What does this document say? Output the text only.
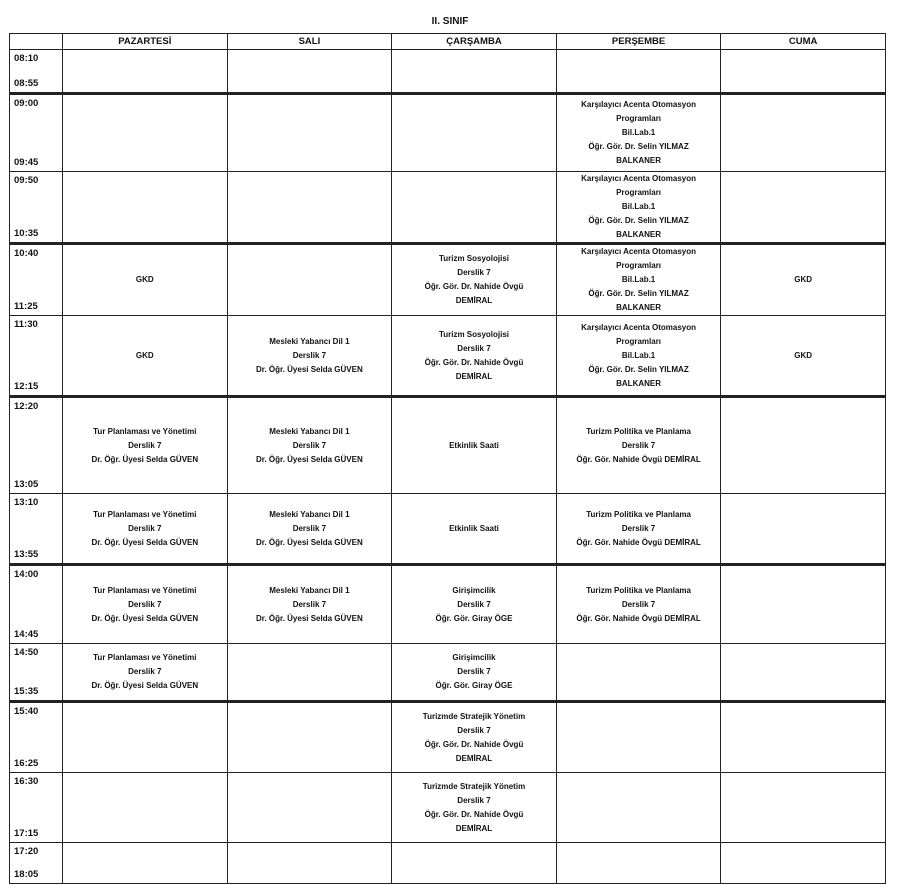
II. SINIF
	PAZARTESİ	SALI	ÇARŞAMBA	PERŞEMBE	CUMA

08:10
08:55					

09:00
09:45				Karşılayıcı Acenta Otomasyon
Programları
Bil.Lab.1
Öğr. Gör. Dr. Selin YILMAZ
BALKANER	

09:50
10:35				Karşılayıcı Acenta Otomasyon
Programları
Bil.Lab.1
Öğr. Gör. Dr. Selin YILMAZ
BALKANER	

10:40
11:25	GKD		Turizm Sosyolojisi
Derslik 7
Öğr. Gör. Dr. Nahide Övgü
DEMİRAL	Karşılayıcı Acenta Otomasyon
Programları
Bil.Lab.1
Öğr. Gör. Dr. Selin YILMAZ
BALKANER	GKD

11:30
12:15	GKD	Mesleki Yabancı Dil 1
Derslik 7
Dr. Öğr. Üyesi Selda GÜVEN	Turizm Sosyolojisi
Derslik 7
Öğr. Gör. Dr. Nahide Övgü
DEMİRAL	Karşılayıcı Acenta Otomasyon
Programları
Bil.Lab.1
Öğr. Gör. Dr. Selin YILMAZ
BALKANER	GKD

12:20
13:05	Tur Planlaması ve Yönetimi
Derslik 7
Dr. Öğr. Üyesi Selda GÜVEN	Mesleki Yabancı Dil 1
Derslik 7
Dr. Öğr. Üyesi Selda GÜVEN	Etkinlik Saati	Turizm Politika ve Planlama
Derslik 7
Öğr. Gör. Nahide Övgü DEMİRAL	

13:10
13:55	Tur Planlaması ve Yönetimi
Derslik 7
Dr. Öğr. Üyesi Selda GÜVEN	Mesleki Yabancı Dil 1
Derslik 7
Dr. Öğr. Üyesi Selda GÜVEN	Etkinlik Saati	Turizm Politika ve Planlama
Derslik 7
Öğr. Gör. Nahide Övgü DEMİRAL	

14:00
14:45	Tur Planlaması ve Yönetimi
Derslik 7
Dr. Öğr. Üyesi Selda GÜVEN	Mesleki Yabancı Dil 1
Derslik 7
Dr. Öğr. Üyesi Selda GÜVEN	Girişimcilik
Derslik 7
Öğr. Gör. Giray ÖGE	Turizm Politika ve Planlama
Derslik 7
Öğr. Gör. Nahide Övgü DEMİRAL	

14:50
15:35	Tur Planlaması ve Yönetimi
Derslik 7
Dr. Öğr. Üyesi Selda GÜVEN		Girişimcilik
Derslik 7
Öğr. Gör. Giray ÖGE		

15:40
16:25			Turizmde Stratejik Yönetim
Derslik 7
Öğr. Gör. Dr. Nahide Övgü
DEMİRAL		

16:30
17:15			Turizmde Stratejik Yönetim
Derslik 7
Öğr. Gör. Dr. Nahide Övgü
DEMİRAL		

17:20
18:05					
